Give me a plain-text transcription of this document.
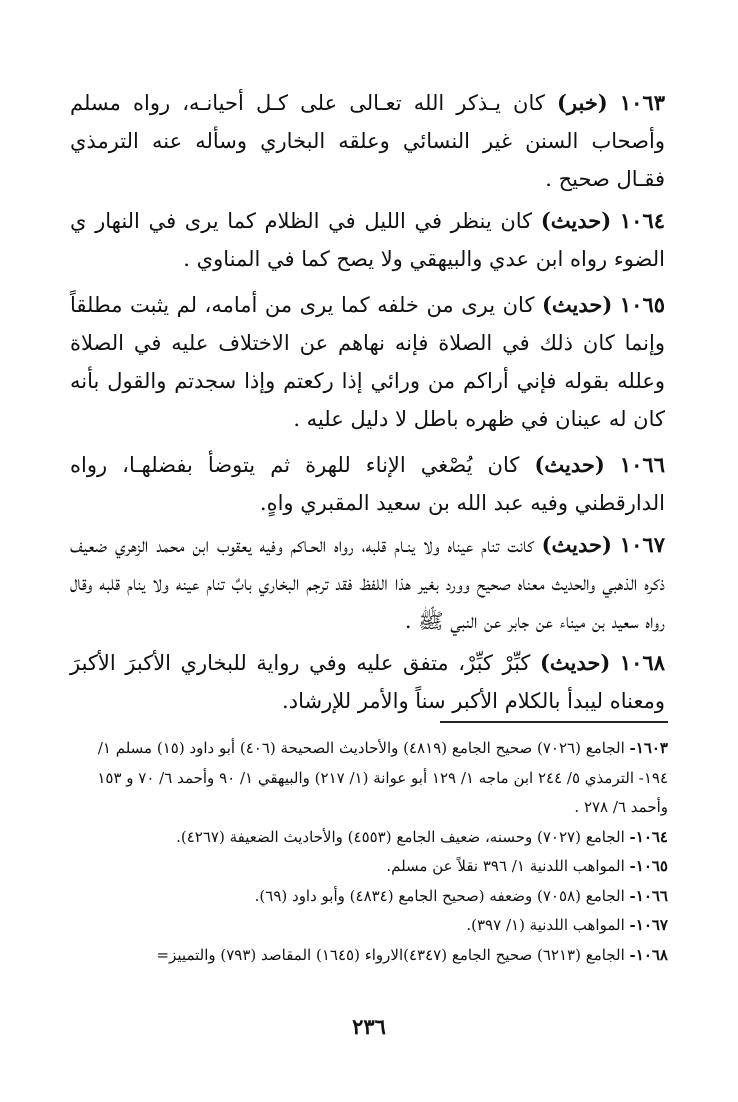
١٠٦٣ (خبر) كان يـذكر الله تعـالى على كـل أحيانـه، رواه مسلم وأصحاب السنن غير النسائي وعلقه البخاري وسأله عنه الترمذي فقـال صحيح .

١٠٦٤ (حديث) كان ينظر في الليل في الظلام كما يرى في النهار ي الضوء رواه ابن عدي والبيهقي ولا يصح كما في المناوي .

١٠٦٥ (حديث) كان يرى من خلفه كما يرى من أمامه، لم يثبت مطلقاً وإنما كان ذلك في الصلاة فإنه نهاهم عن الاختلاف عليه في الصلاة وعلله بقوله فإني أراكم من ورائي إذا ركعتم وإذا سجدتم والقول بأنه كان له عينان في ظهره باطل لا دليل عليه .

١٠٦٦ (حديث) كان يُصْغي الإناء للهرة ثم يتوضأ بفضلهـا، رواه الدارقطني وفيه عبد الله بن سعيد المقبري واهٍ.

١٠٦٧ (حديث) كانت تنام عيناه ولا ينـام قلبه، رواه الحـاكم وفيه يعقوب ابن محمد الزهري ضعيف ذكره الذهبي والحديث معناه صحيح وورد بغير هذا اللفظ فقد ترجم البخاري بابٌ تنام عينه ولا ينام قلبه وقال رواه سعيد بن ميناء عن جابر عن النبي ﷺ .

١٠٦٨ (حديث) كبِّرْ كبِّرْ، متفق عليه وفي رواية للبخاري الأكبرَ الأكبرَ ومعناه ليبدأ بالكلام الأكبر سناً والأمر للإرشاد.

١٦٠٣- الجامع (٧٠٢٦) صحيح الجامع (٤٨١٩) والأحاديث الصحيحة (٤٠٦) أبو داود (١٥) مسلم ١/ ١٩٤- الترمذي ٥/ ٢٤٤ ابن ماجه ١/ ١٢٩ أبو عوانة (١/ ٢١٧) والبيهقي ١/ ٩٠ وأحمد ٦/ ٧٠ و ١٥٣ وأحمد ٦/ ٢٧٨ .
١٠٦٤- الجامع (٧٠٢٧) وحسنه، ضعيف الجامع (٤٥٥٣) والأحاديث الضعيفة (٤٢٦٧).
١٠٦٥- المواهب اللدنية ١/ ٣٩٦ نقلاً عن مسلم.
١٠٦٦- الجامع (٧٠٥٨) وضعفه (صحيح الجامع (٤٨٣٤) وأبو داود (٦٩).
١٠٦٧- المواهب اللدنية (١/ ٣٩٧).
١٠٦٨- الجامع (٦٢١٣) صحيح الجامع (٤٣٤٧)الارواء (١٦٤٥) المقاصد (٧٩٣) والتمييز=
٢٣٦
